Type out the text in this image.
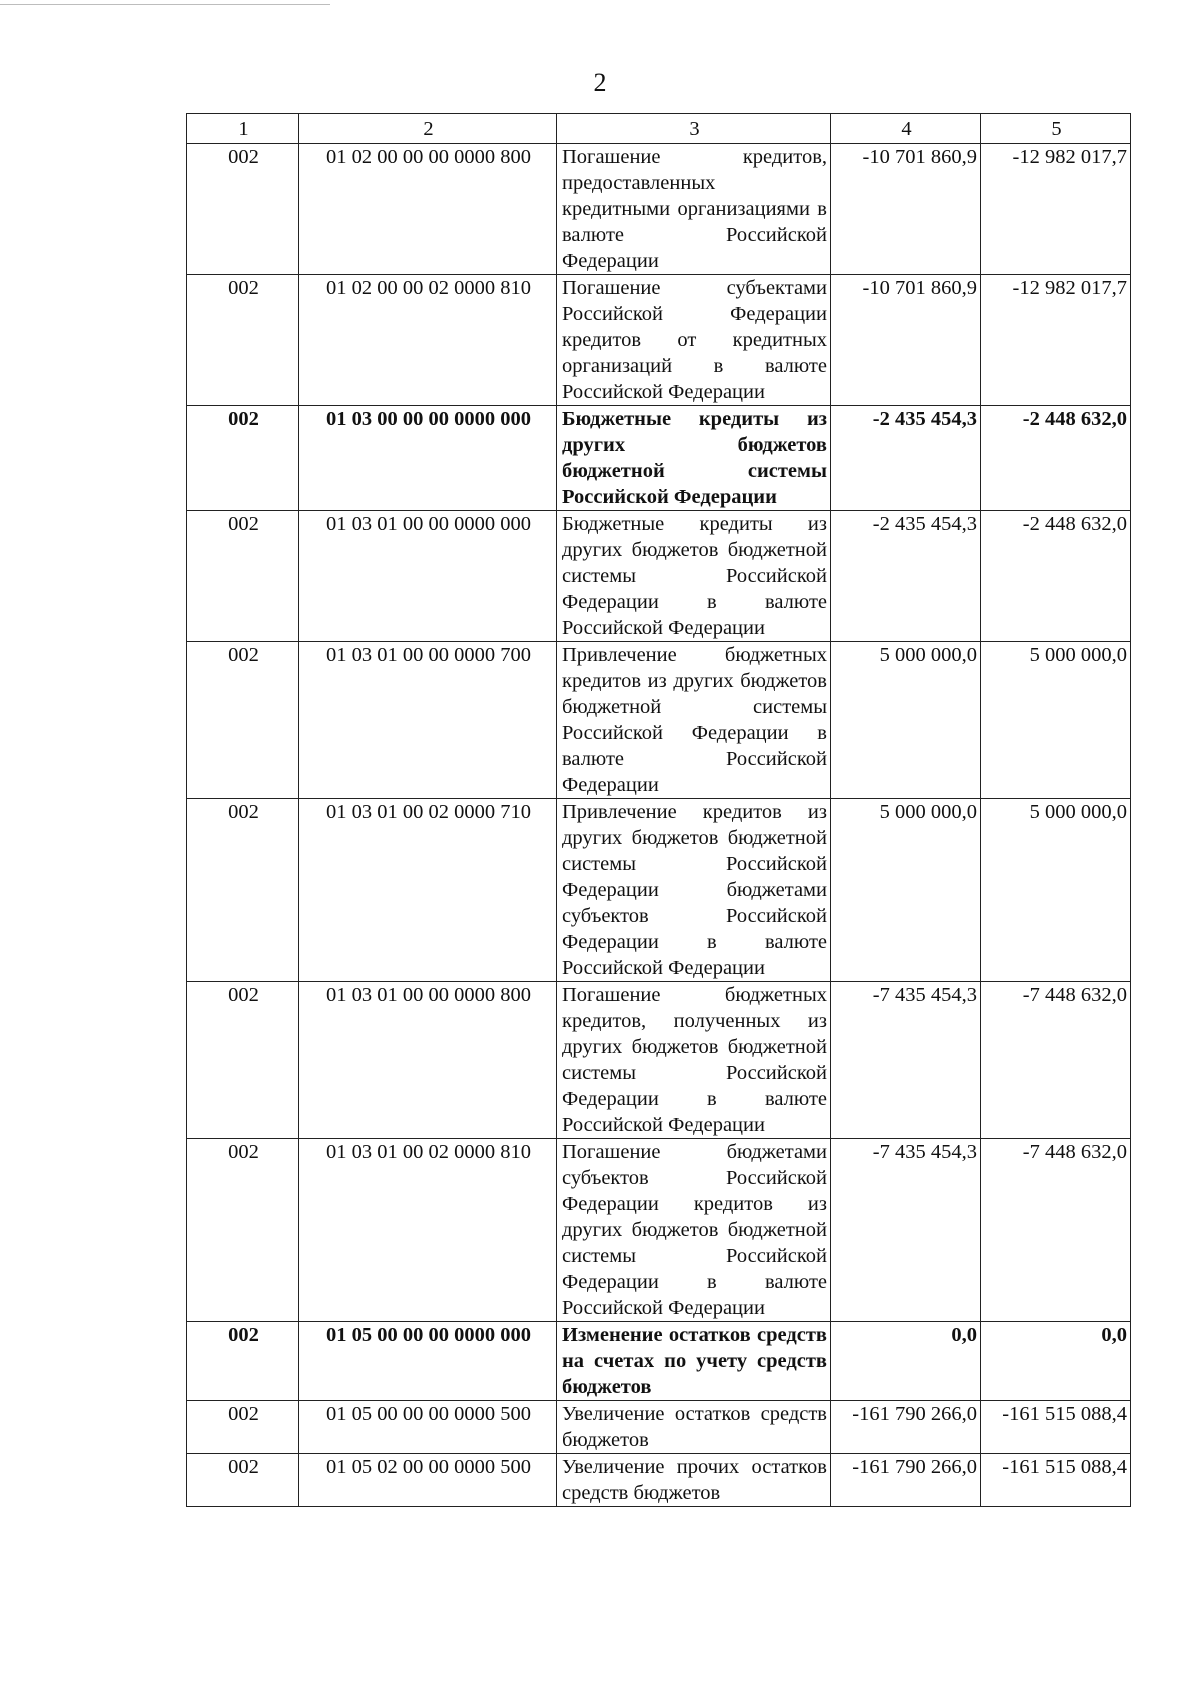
2
1	2	3	4	5
002	01 02 00 00 00 0000 800	Погашение кредитов, предоставленных кредитными организациями в валюте Российской Федерации	-10 701 860,9	-12 982 017,7
002	01 02 00 00 02 0000 810	Погашение субъектами Российской Федерации кредитов от кредитных организаций в валюте Российской Федерации	-10 701 860,9	-12 982 017,7
002	01 03 00 00 00 0000 000	Бюджетные кредиты из других бюджетов бюджетной системы Российской Федерации	-2 435 454,3	-2 448 632,0
002	01 03 01 00 00 0000 000	Бюджетные кредиты из других бюджетов бюджетной системы Российской Федерации в валюте Российской Федерации	-2 435 454,3	-2 448 632,0
002	01 03 01 00 00 0000 700	Привлечение бюджетных кредитов из других бюджетов бюджетной системы Российской Федерации в валюте Российской Федерации	5 000 000,0	5 000 000,0
002	01 03 01 00 02 0000 710	Привлечение кредитов из других бюджетов бюджетной системы Российской Федерации бюджетами субъектов Российской Федерации в валюте Российской Федерации	5 000 000,0	5 000 000,0
002	01 03 01 00 00 0000 800	Погашение бюджетных кредитов, полученных из других бюджетов бюджетной системы Российской Федерации в валюте Российской Федерации	-7 435 454,3	-7 448 632,0
002	01 03 01 00 02 0000 810	Погашение бюджетами субъектов Российской Федерации кредитов из других бюджетов бюджетной системы Российской Федерации в валюте Российской Федерации	-7 435 454,3	-7 448 632,0
002	01 05 00 00 00 0000 000	Изменение остатков средств на счетах по учету средств бюджетов	0,0	0,0
002	01 05 00 00 00 0000 500	Увеличение остатков средств бюджетов	-161 790 266,0	-161 515 088,4
002	01 05 02 00 00 0000 500	Увеличение прочих остатков средств бюджетов	-161 790 266,0	-161 515 088,4
